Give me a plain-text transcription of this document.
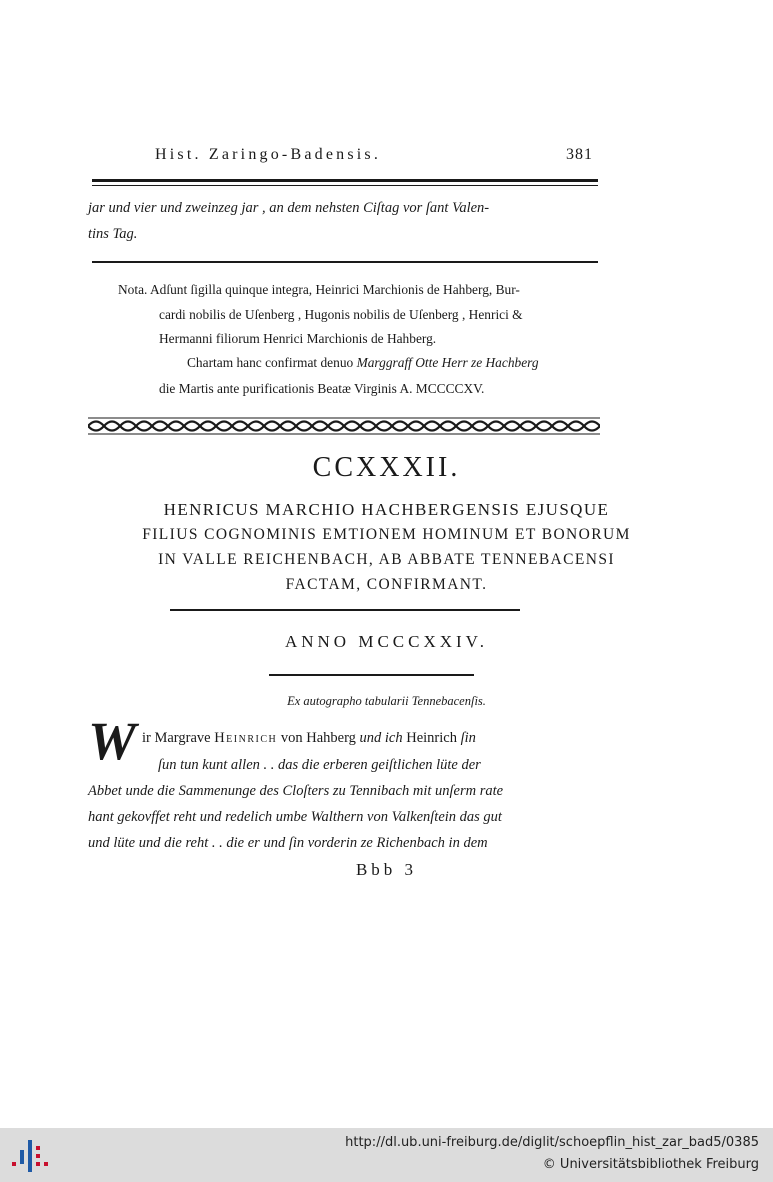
Hist. Zaringo-Badensis.	381
jar und vier und zweinzeg jar , an dem nehsten Ciſtag vor ſant Valen-
tins Tag.
Nota. Adſunt ſigilla quinque integra, Heinrici Marchionis de Hahberg, Bur-
cardi nobilis de Uſenberg , Hugonis nobilis de Uſenberg , Henrici &
Hermanni filiorum Henrici Marchionis de Hahberg.
Chartam hanc confirmat denuo Marggraff Otte Herr ze Hachberg
die Martis ante purificationis Beatæ Virginis A. MCCCCXV.
CCXXXII.
HENRICUS MARCHIO HACHBERGENSIS EJUSQUE
FILIUS COGNOMINIS EMTIONEM HOMINUM ET BONORUM
IN VALLE REICHENBACH, AB ABBATE TENNEBACENSI
FACTAM, CONFIRMANT.
ANNO MCCCXXIV.
Ex autographo tabularii Tennebacenſis.
W ir Margrave Heinrich von Hahberg und ich Heinrich ſin
ſun tun kunt allen . . das die erberen geiſtlichen lüte der
Abbet unde die Sammenunge des Cloſters zu Tennibach mit unſerm rate
hant gekovffet reht und redelich umbe Walthern von Valkenſtein das gut
und lüte und die reht . . die er und ſin vorderin ze Richenbach in dem
Bbb 3
http://dl.ub.uni-freiburg.de/diglit/schoepflin_hist_zar_bad5/0385
© Universitätsbibliothek Freiburg
